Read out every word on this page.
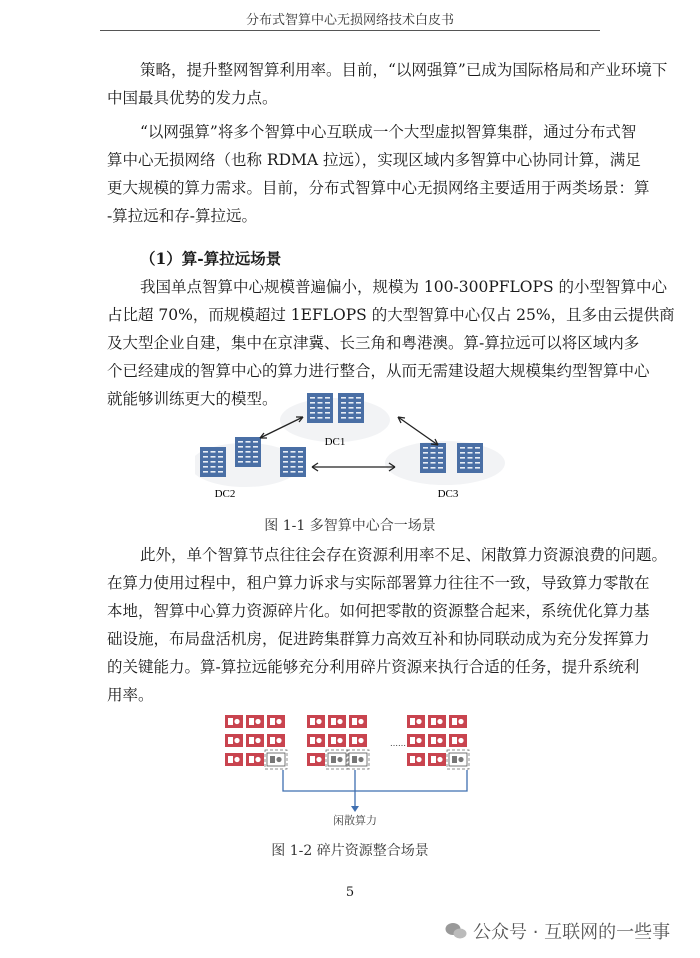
分布式智算中心无损网络技术白皮书
策略，提升整网智算利用率。目前，“以网强算”已成为国际格局和产业环境下
中国最具优势的发力点。
“以网强算”将多个智算中心互联成一个大型虚拟智算集群，通过分布式智
算中心无损网络（也称 RDMA 拉远），实现区域内多智算中心协同计算，满足
更大规模的算力需求。目前，分布式智算中心无损网络主要适用于两类场景：算
-算拉远和存-算拉远。
我国单点智算中心规模普遍偏小，规模为 100-300PFLOPS 的小型智算中心
占比超 70%，而规模超过 1EFLOPS 的大型智算中心仅占 25%，且多由云提供商
及大型企业自建，集中在京津冀、长三角和粤港澳。算-算拉远可以将区域内多
个已经建成的智算中心的算力进行整合，从而无需建设超大规模集约型智算中心
就能够训练更大的模型。
此外，单个智算节点往往会存在资源利用率不足、闲散算力资源浪费的问题。
在算力使用过程中，租户算力诉求与实际部署算力往往不一致，导致算力零散在
本地，智算中心算力资源碎片化。如何把零散的资源整合起来，系统优化算力基
础设施，布局盘活机房，促进跨集群算力高效互补和协同联动成为充分发挥算力
的关键能力。算-算拉远能够充分利用碎片资源来执行合适的任务，提升系统利
用率。
（1）算-算拉远场景
DC1
DC2	DC3
图 1-1 多智算中心合一场景
……
闲散算力
图 1-2 碎片资源整合场景
5
公众号 · 互联网的一些事
